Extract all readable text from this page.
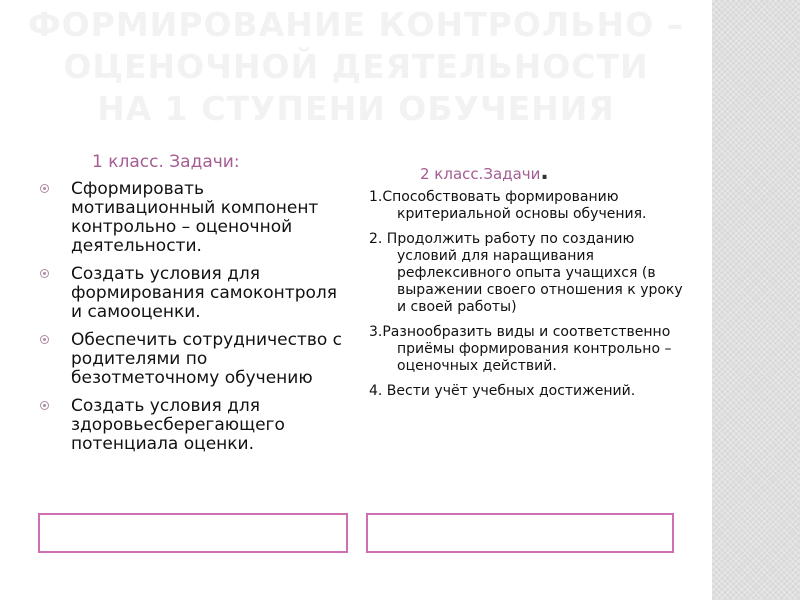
ФОРМИРОВАНИЕ КОНТРОЛЬНО –
ОЦЕНОЧНОЙ ДЕЯТЕЛЬНОСТИ
НА 1 СТУПЕНИ ОБУЧЕНИЯ
1 класс. Задачи:
2 класс.Задачи.
Сформировать мотивационный компонент контрольно – оценочной деятельности.
Создать условия для формирования самоконтроля и самооценки.
Обеспечить сотрудничество с родителями по безотметочному обучению
Создать условия для здоровьесберегающего потенциала оценки.
1.Способствовать формированию критериальной основы обучения.
2. Продолжить работу по созданию условий для наращивания рефлексивного опыта учащихся (в выражении своего отношения к уроку и своей работы)
3.Разнообразить виды и соответственно приёмы формирования контрольно – оценочных действий.
4. Вести учёт учебных достижений.
